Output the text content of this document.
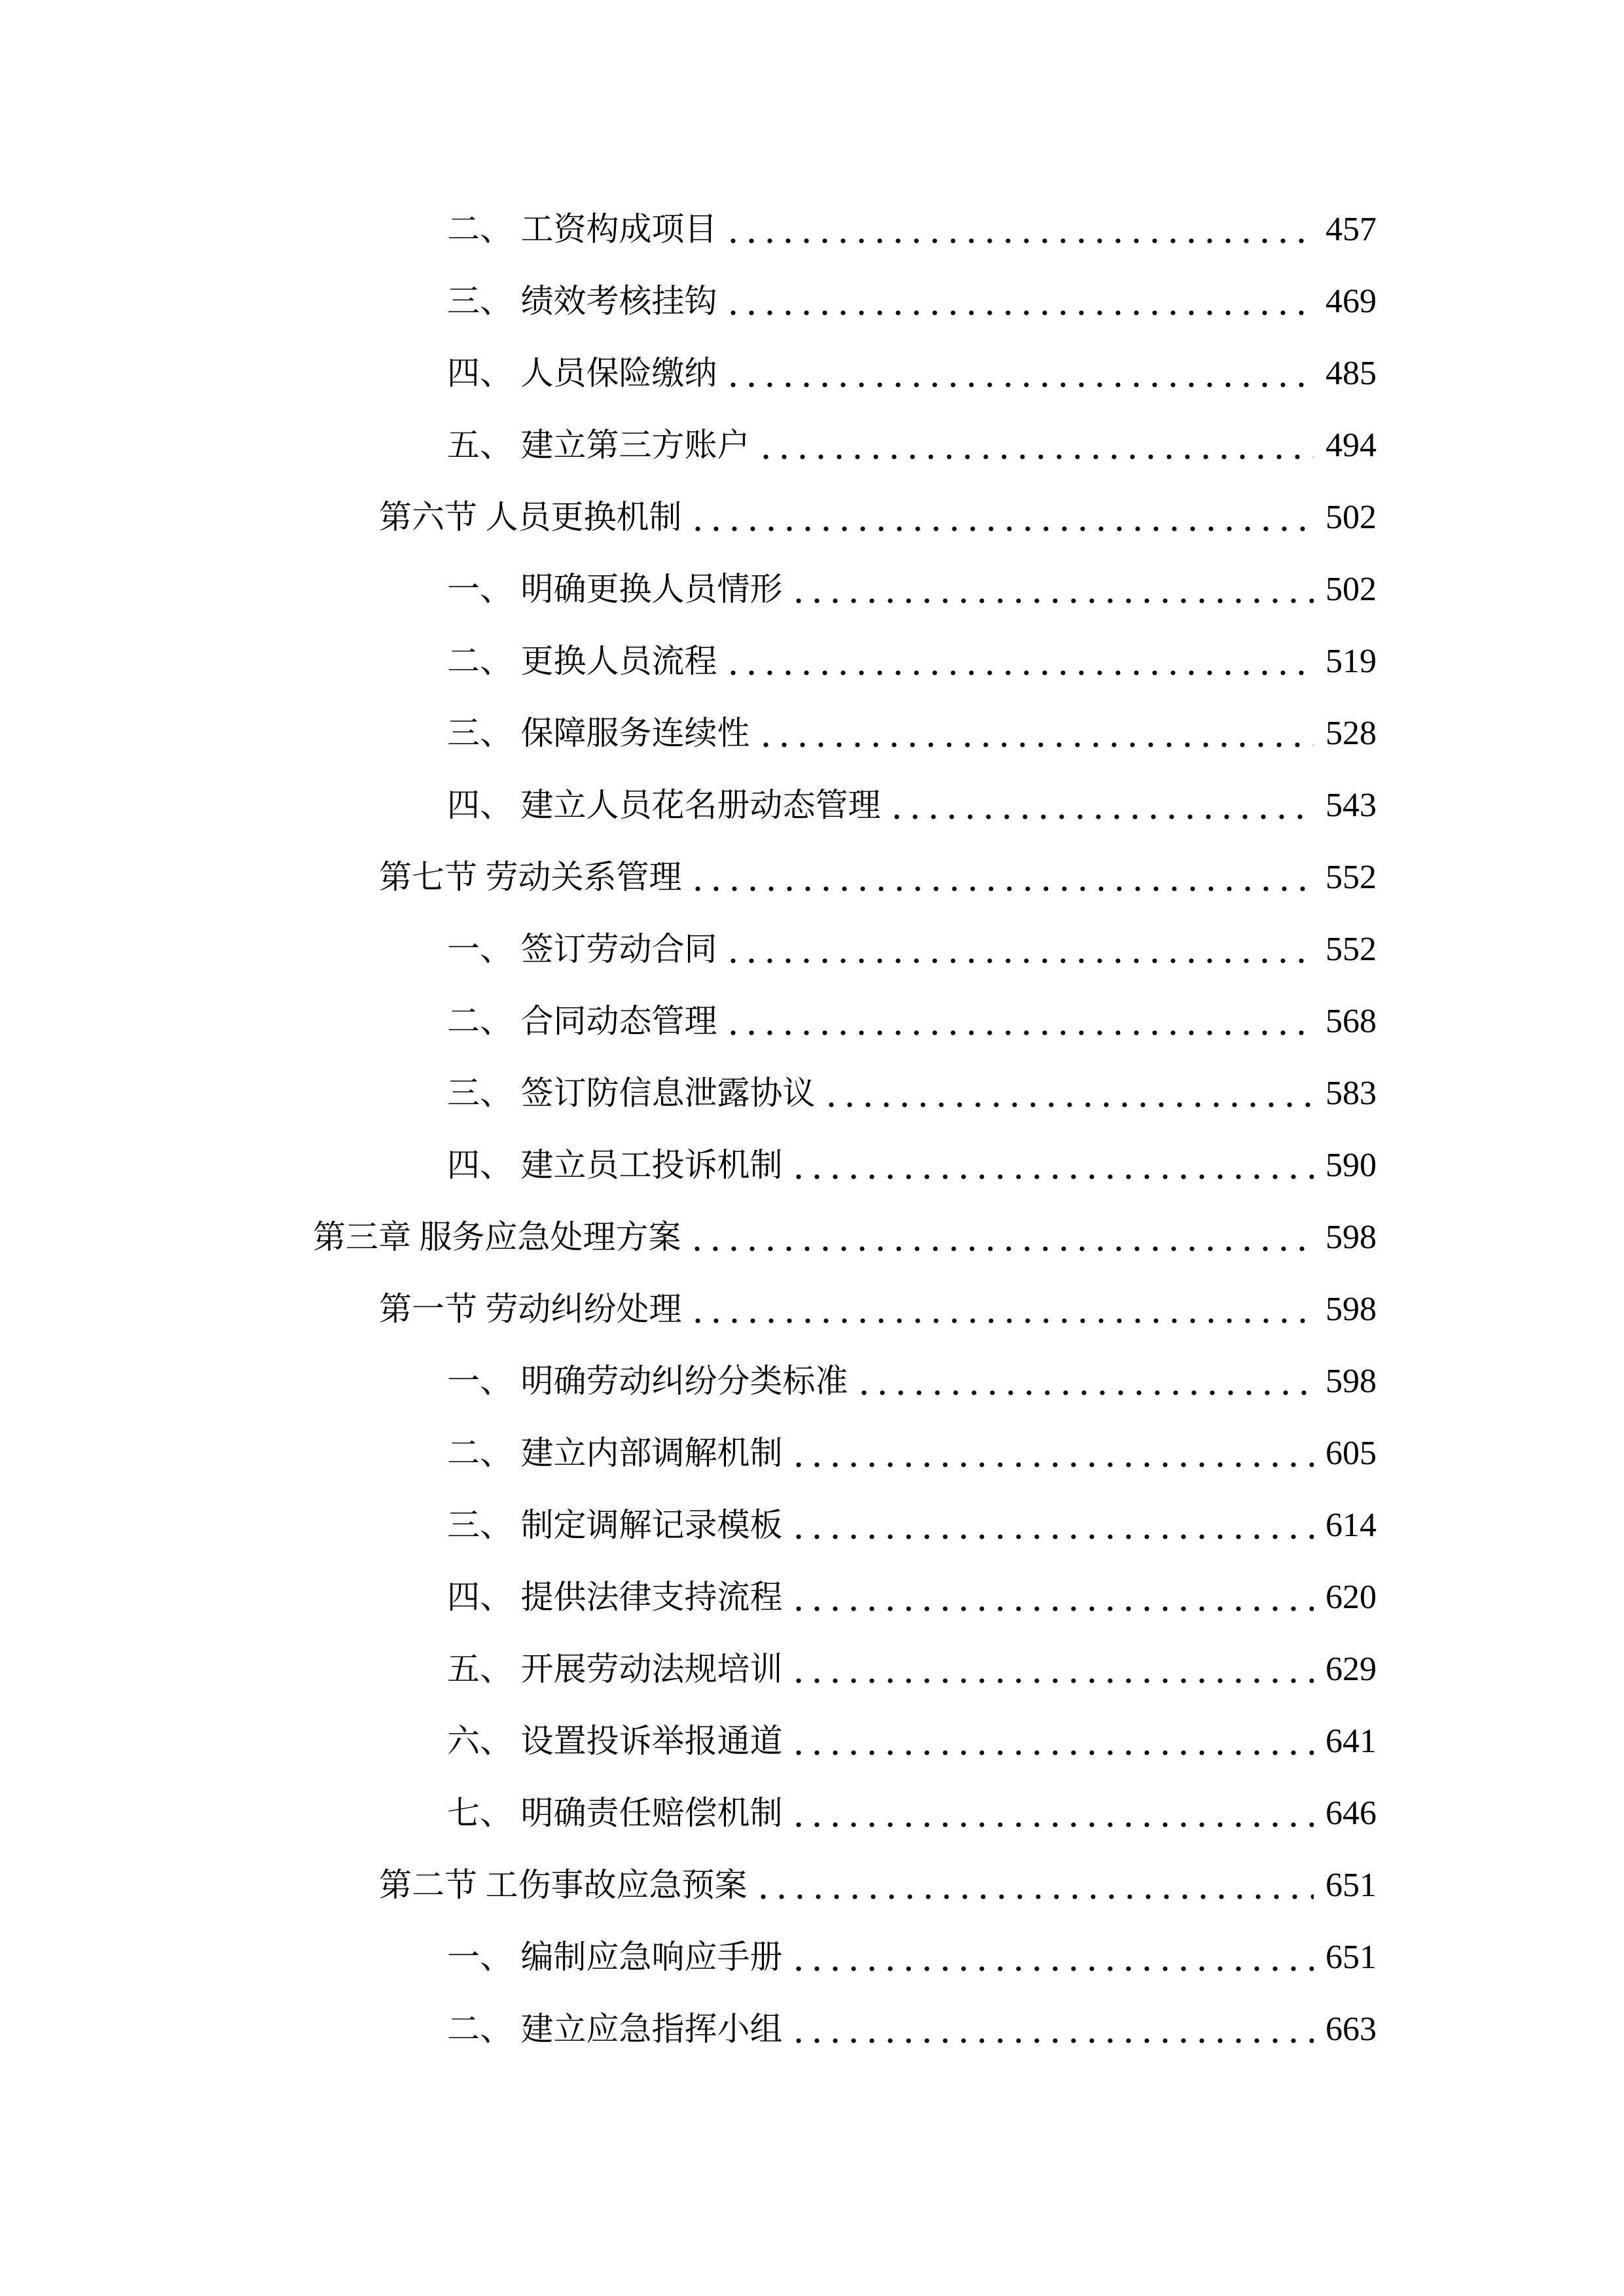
二、 工资构成项目	457
三、 绩效考核挂钩	469
四、 人员保险缴纳	485
五、 建立第三方账户	494
第六节 人员更换机制	502
一、 明确更换人员情形	502
二、 更换人员流程	519
三、 保障服务连续性	528
四、 建立人员花名册动态管理	543
第七节 劳动关系管理	552
一、 签订劳动合同	552
二、 合同动态管理	568
三、 签订防信息泄露协议	583
四、 建立员工投诉机制	590
第三章 服务应急处理方案	598
第一节 劳动纠纷处理	598
一、 明确劳动纠纷分类标准	598
二、 建立内部调解机制	605
三、 制定调解记录模板	614
四、 提供法律支持流程	620
五、 开展劳动法规培训	629
六、 设置投诉举报通道	641
七、 明确责任赔偿机制	646
第二节 工伤事故应急预案	651
一、 编制应急响应手册	651
二、 建立应急指挥小组	663
